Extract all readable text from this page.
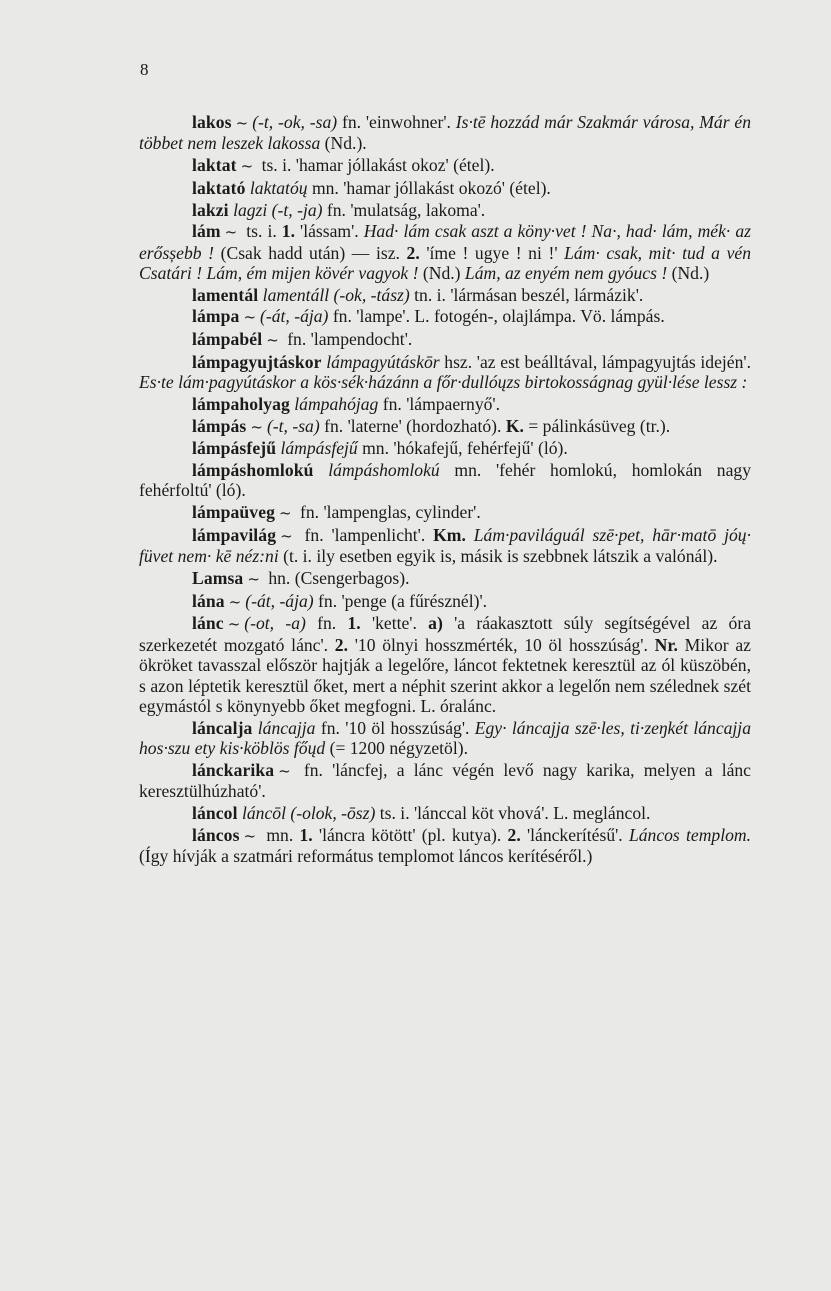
8

lakos ~ (-t, -ok, -sa) fn. 'einwohner'. Is·tē hozzád már Szakmár városa, Már én többet nem leszek lakossa (Nd.).

laktat ~ ts. i. 'hamar jóllakást okoz' (étel).

laktató laktatóų mn. 'hamar jóllakást okozó' (étel).

lakzi lagzi (-t, -ja) fn. 'mulatság, lakoma'.

lám ~ ts. i. 1. 'lássam'. Had· lám csak aszt a köny·vet ! Na·, had· lám, mék· az erősșebb ! (Csak hadd után) — isz. 2. 'íme ! ugye ! ni !' Lám· csak, mit· tud a vén Csatári ! Lám, ém mijen kövér vagyok ! (Nd.) Lám, az enyém nem gyóucs ! (Nd.)

lamentál lamentáll (-ok, -tász) tn. i. 'lármásan beszél, lármázik'.

lámpa ~ (-át, -ája) fn. 'lampe'. L. fotogén-, olajlámpa. Vö. lámpás.

lámpabél ~ fn. 'lampendocht'.

lámpagyujtáskor lámpagyútáskōr hsz. 'az est beálltával, lámpagyujtás idején'. Es·te lám·pagyútáskor a kös·sék·házánn a főr·dullóųzs birtokosságnag gyül·lése lessz :

lámpaholyag lámpahójag fn. 'lámpaernyő'.

lámpás ~ (-t, -sa) fn. 'laterne' (hordozható). K. = pálinkásüveg (tr.).

lámpásfejű lámpásfejű mn. 'hókafejű, fehérfejű' (ló).

lámpáshomlokú lámpáshomlokú mn. 'fehér homlokú, homlokán nagy fehérfoltú' (ló).

lámpaüveg ~ fn. 'lampenglas, cylinder'.

lámpavilág ~ fn. 'lampenlicht'. Km. Lám·paviláguál szē·pet, hār·matō jóų· füvet nem· kē néz:ni (t. i. ily esetben egyik is, másik is szebbnek látszik a valónál).

Lamsa ~ hn. (Csengerbagos).

lána ~ (-át, -ája) fn. 'penge (a fűrésznél)'.

lánc ~ (-ot, -a) fn. 1. 'kette'. a) 'a ráakasztott súly segítségével az óra szerkezetét mozgató lánc'. 2. '10 ölnyi hosszmérték, 10 öl hosszúság'. Nr. Mikor az ökröket tavasszal először hajtják a legelőre, láncot fektetnek keresztül az ól küszöbén, s azon léptetik keresztül őket, mert a néphit szerint akkor a legelőn nem szélednek szét egymástól s könynyebb őket megfogni. L. óralánc.

láncalja láncajja fn. '10 öl hosszúság'. Egy· láncajja szē·les, ti·zeŋkét láncajja hos·szu ety kis·köblös főųd (= 1200 négyzetöl).

lánckarika ~ fn. 'láncfej, a lánc végén levő nagy karika, melyen a lánc keresztülhúzható'.

láncol láncōl (-olok, -ōsz) ts. i. 'lánccal köt vhová'. L. megláncol.

láncos ~ mn. 1. 'láncra kötött' (pl. kutya). 2. 'lánckerítésű'. Láncos templom. (Így hívják a szatmári református templomot láncos kerítéséről.)
